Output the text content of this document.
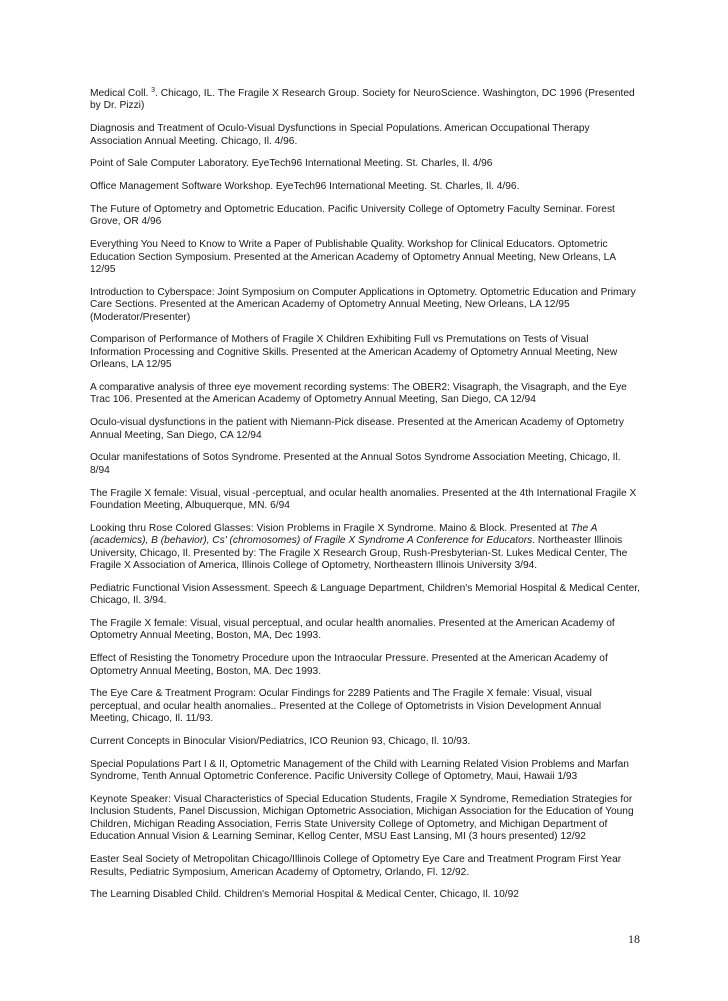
Medical Coll. $^3$. Chicago, IL. The Fragile X Research Group. Society for NeuroScience. Washington, DC 1996 (Presented by Dr. Pizzi)

Diagnosis and Treatment of Oculo-Visual Dysfunctions in Special Populations. American Occupational Therapy Association Annual Meeting. Chicago, Il. 4/96.

Point of Sale Computer Laboratory. EyeTech96 International Meeting. St. Charles, Il. 4/96

Office Management Software Workshop. EyeTech96 International Meeting. St. Charles, Il. 4/96.

The Future of Optometry and Optometric Education. Pacific University College of Optometry Faculty Seminar. Forest Grove, OR 4/96

Everything You Need to Know to Write a Paper of Publishable Quality. Workshop for Clinical Educators. Optometric Education Section Symposium. Presented at the American Academy of Optometry Annual Meeting, New Orleans, LA 12/95

Introduction to Cyberspace: Joint Symposium on Computer Applications in Optometry. Optometric Education and Primary Care Sections. Presented at the American Academy of Optometry Annual Meeting, New Orleans, LA 12/95 (Moderator/Presenter)

Comparison of Performance of Mothers of Fragile X Children Exhibiting Full vs Premutations on Tests of Visual Information Processing and Cognitive Skills. Presented at the American Academy of Optometry Annual Meeting, New Orleans, LA 12/95

A comparative analysis of three eye movement recording systems: The OBER2: Visagraph, the Visagraph, and the Eye Trac 106. Presented at the American Academy of Optometry Annual Meeting, San Diego, CA 12/94

Oculo-visual dysfunctions in the patient with Niemann-Pick disease. Presented at the American Academy of Optometry Annual Meeting, San Diego, CA 12/94

Ocular manifestations of Sotos Syndrome. Presented at the Annual Sotos Syndrome Association Meeting, Chicago, Il. 8/94

The Fragile X female: Visual, visual -perceptual, and ocular health anomalies. Presented at the 4th International Fragile X Foundation Meeting, Albuquerque, MN. 6/94

Looking thru Rose Colored Glasses: Vision Problems in Fragile X Syndrome. Maino & Block. Presented at The A (academics), B (behavior), Cs' (chromosomes) of Fragile X Syndrome A Conference for Educators. Northeaster Illinois University, Chicago, Il. Presented by: The Fragile X Research Group, Rush-Presbyterian-St. Lukes Medical Center, The Fragile X Association of America, Illinois College of Optometry, Northeastern Illinois University 3/94.

Pediatric Functional Vision Assessment. Speech & Language Department, Children's Memorial Hospital & Medical Center, Chicago, Il. 3/94.

The Fragile X female: Visual, visual perceptual, and ocular health anomalies. Presented at the American Academy of Optometry Annual Meeting, Boston, MA, Dec 1993.

Effect of Resisting the Tonometry Procedure upon the Intraocular Pressure. Presented at the American Academy of Optometry Annual Meeting, Boston, MA. Dec 1993.

The Eye Care & Treatment Program: Ocular Findings for 2289 Patients and The Fragile X female: Visual, visual perceptual, and ocular health anomalies.. Presented at the College of Optometrists in Vision Development Annual Meeting, Chicago, Il. 11/93.

Current Concepts in Binocular Vision/Pediatrics, ICO Reunion 93, Chicago, Il. 10/93.

Special Populations Part I & II, Optometric Management of the Child with Learning Related Vision Problems and Marfan Syndrome, Tenth Annual Optometric Conference. Pacific University College of Optometry, Maui, Hawaii 1/93

Keynote Speaker: Visual Characteristics of Special Education Students, Fragile X Syndrome, Remediation Strategies for Inclusion Students, Panel Discussion, Michigan Optometric Association, Michigan Association for the Education of Young Children, Michigan Reading Association, Ferris State University College of Optometry, and Michigan Department of Education Annual Vision & Learning Seminar, Kellog Center, MSU East Lansing, MI (3 hours presented) 12/92

Easter Seal Society of Metropolitan Chicago/Illinois College of Optometry Eye Care and Treatment Program First Year Results, Pediatric Symposium, American Academy of Optometry, Orlando, Fl. 12/92.

The Learning Disabled Child. Children's Memorial Hospital & Medical Center, Chicago, Il. 10/92

18
